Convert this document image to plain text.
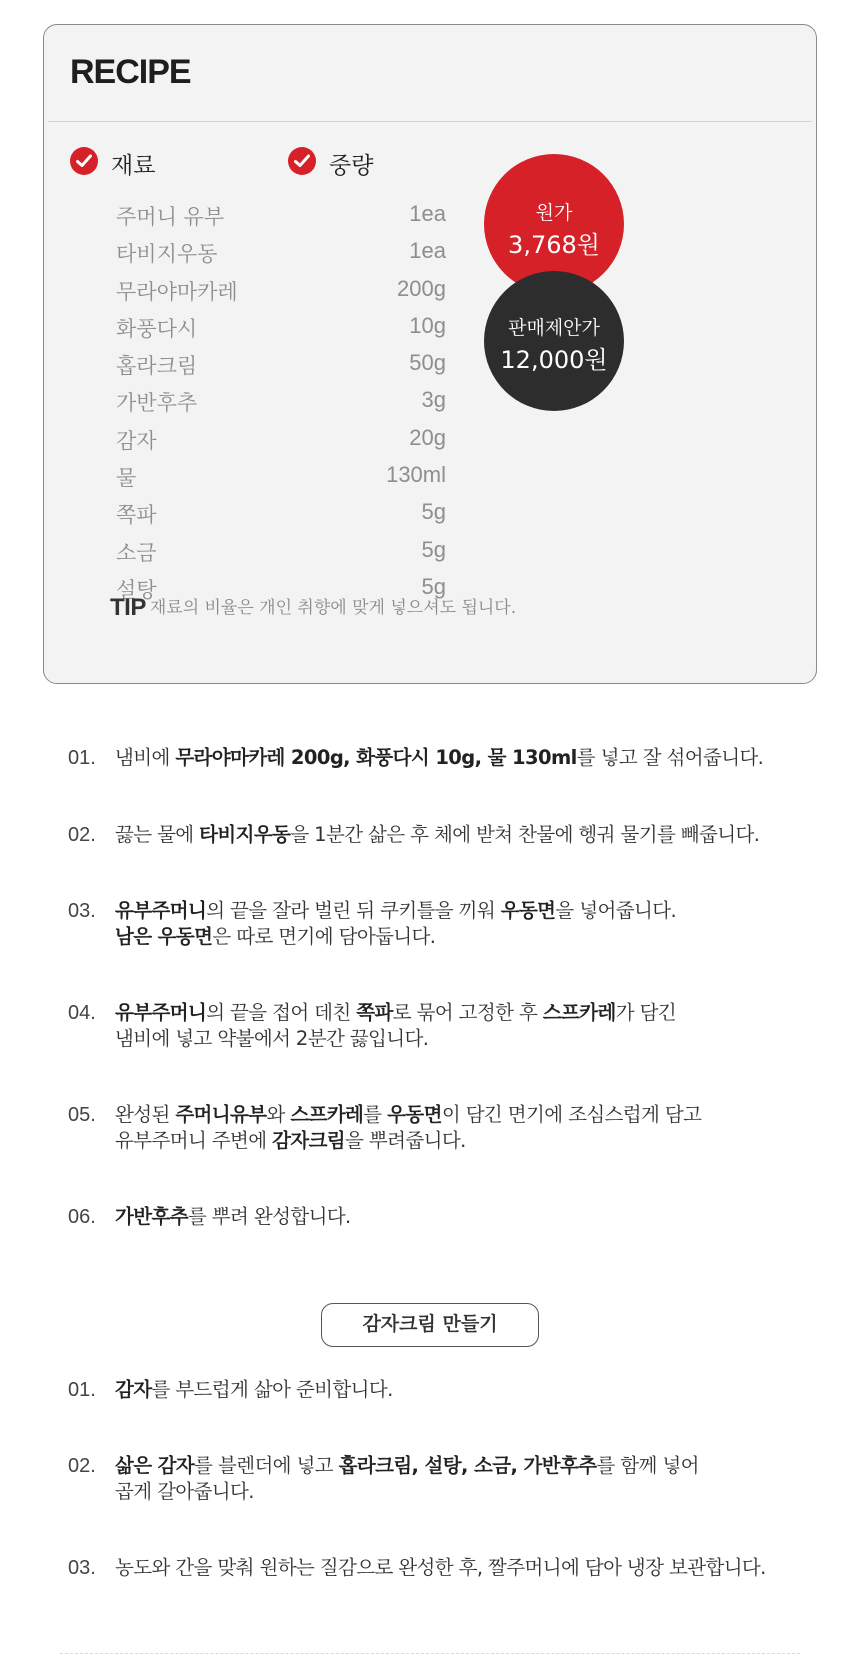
RECIPE
재료	중량
주머니 유부	1ea
타비지우동	1ea
무라야마카레	200g
화풍다시	10g
홉라크림	50g
가반후추	3g
감자	20g
물	130ml
쪽파	5g
소금	5g
설탕	5g
원가
3,768원
판매제안가
12,000원
TIP 재료의 비율은 개인 취향에 맞게 넣으셔도 됩니다.
01. 냄비에 무라야마카레 200g, 화풍다시 10g, 물 130ml를 넣고 잘 섞어줍니다.
02. 끓는 물에 타비지우동을 1분간 삶은 후 체에 받쳐 찬물에 헹궈 물기를 빼줍니다.
03. 유부주머니의 끝을 잘라 벌린 뒤 쿠키틀을 끼워 우동면을 넣어줍니다.
남은 우동면은 따로 면기에 담아둡니다.
04. 유부주머니의 끝을 접어 데친 쪽파로 묶어 고정한 후 스프카레가 담긴
냄비에 넣고 약불에서 2분간 끓입니다.
05. 완성된 주머니유부와 스프카레를 우동면이 담긴 면기에 조심스럽게 담고
유부주머니 주변에 감자크림을 뿌려줍니다.
06. 가반후추를 뿌려 완성합니다.
감자크림 만들기
01. 감자를 부드럽게 삶아 준비합니다.
02. 삶은 감자를 블렌더에 넣고 홉라크림, 설탕, 소금, 가반후추를 함께 넣어
곱게 갈아줍니다.
03. 농도와 간을 맞춰 원하는 질감으로 완성한 후, 짤주머니에 담아 냉장 보관합니다.
